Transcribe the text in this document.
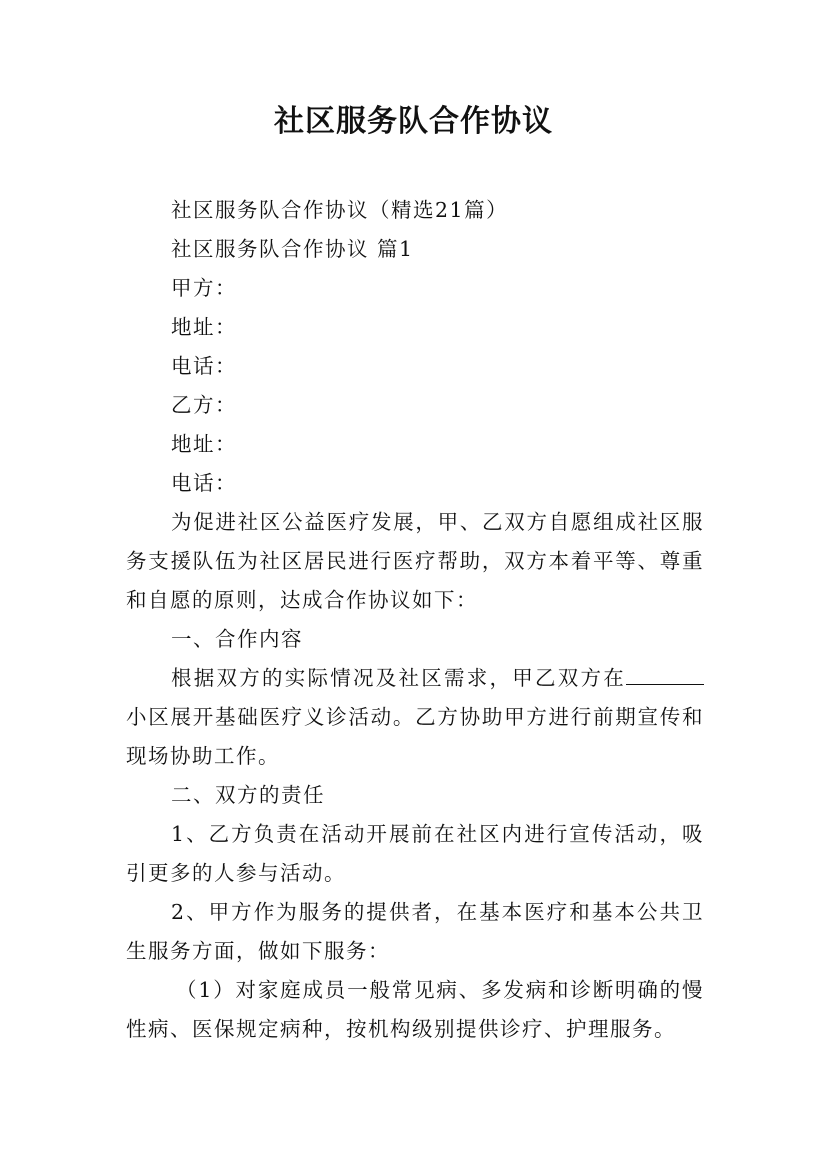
社区服务队合作协议

社区服务队合作协议（精选21篇）

社区服务队合作协议 篇1

甲方：

地址：

电话：

乙方：

地址：

电话：

为促进社区公益医疗发展，甲、乙双方自愿组成社区服务支援队伍为社区居民进行医疗帮助，双方本着平等、尊重和自愿的原则，达成合作协议如下：

一、合作内容

根据双方的实际情况及社区需求，甲乙双方在小区展开基础医疗义诊活动。乙方协助甲方进行前期宣传和现场协助工作。

二、双方的责任

1、乙方负责在活动开展前在社区内进行宣传活动，吸引更多的人参与活动。

2、甲方作为服务的提供者，在基本医疗和基本公共卫生服务方面，做如下服务：

（1）对家庭成员一般常见病、多发病和诊断明确的慢性病、医保规定病种，按机构级别提供诊疗、护理服务。
